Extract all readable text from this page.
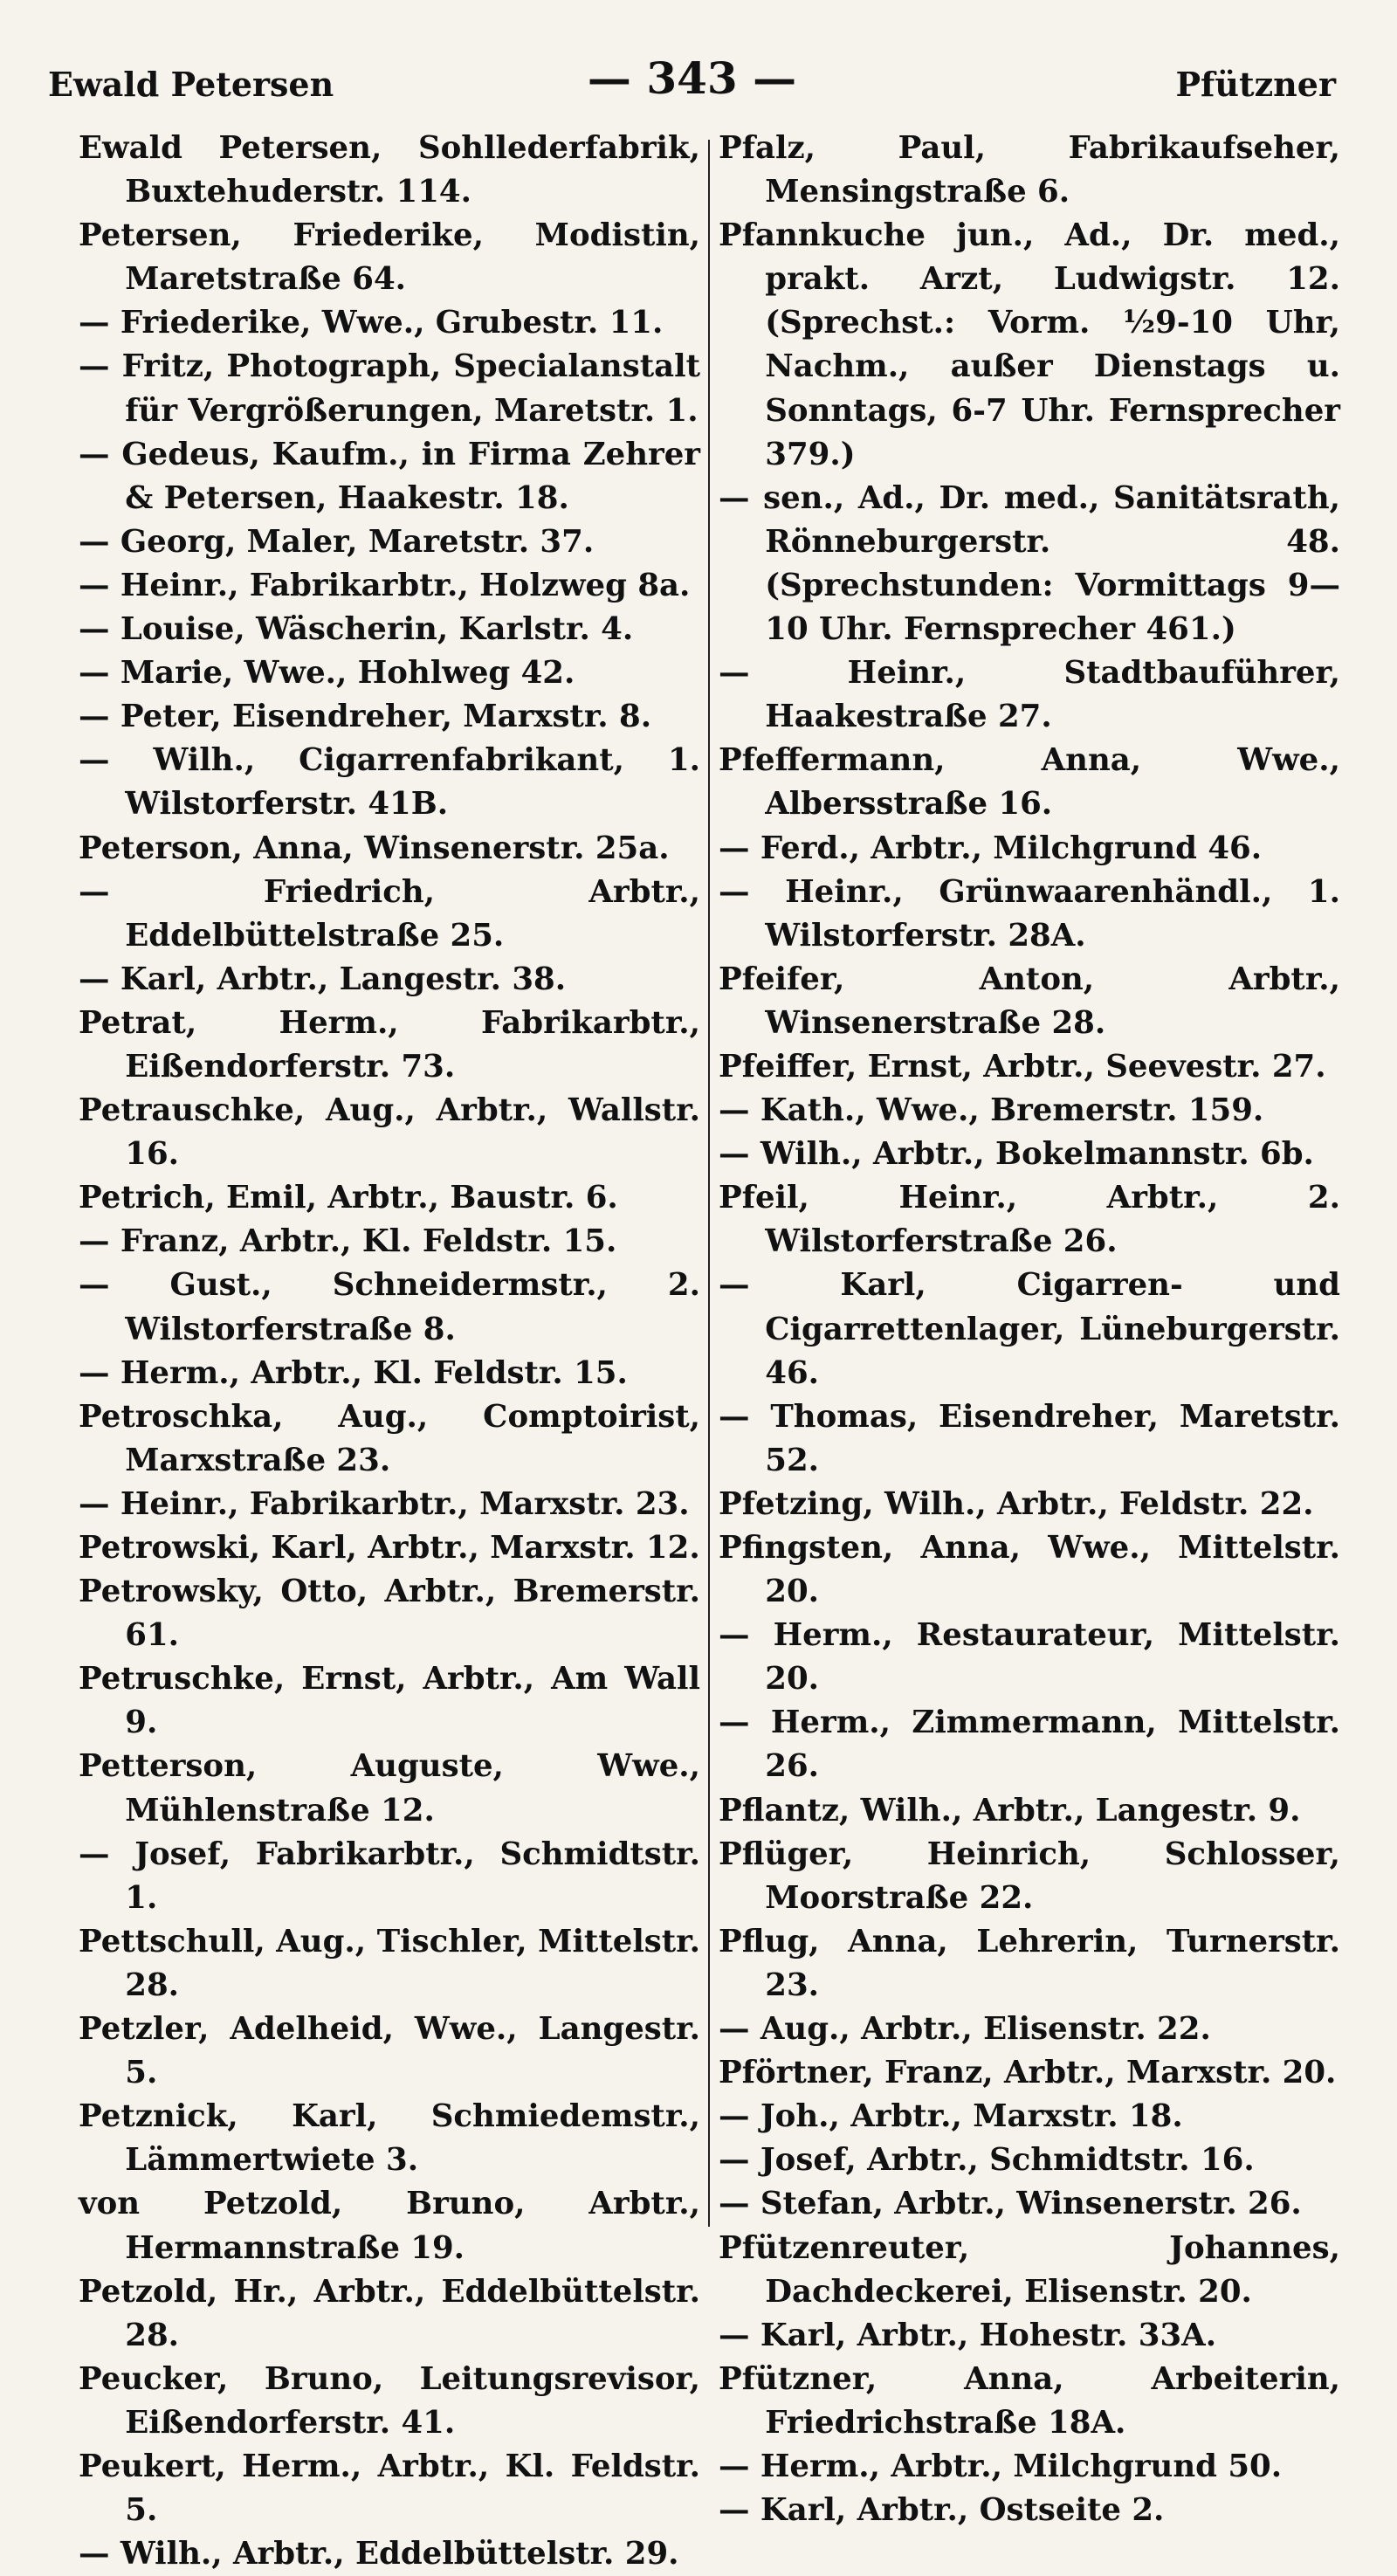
Ewald Petersen	— 343 —	Pfützner

Ewald Petersen, Sohllederfabrik, Buxtehuderstr. 114.

Petersen, Friederike, Modistin, Maretstraße 64.

— Friederike, Wwe., Grubestr. 11.

— Fritz, Photograph, Specialanstalt für Vergrößerungen, Maretstr. 1.

— Gedeus, Kaufm., in Firma Zehrer & Petersen, Haakestr. 18.

— Georg, Maler, Maretstr. 37.

— Heinr., Fabrikarbtr., Holzweg 8a.

— Louise, Wäscherin, Karlstr. 4.

— Marie, Wwe., Hohlweg 42.

— Peter, Eisendreher, Marxstr. 8.

— Wilh., Cigarrenfabrikant, 1. Wilstorferstr. 41B.

Peterson, Anna, Winsenerstr. 25a.

— Friedrich, Arbtr., Eddelbüttelstraße 25.

— Karl, Arbtr., Langestr. 38.

Petrat, Herm., Fabrikarbtr., Eißendorferstr. 73.

Petrauschke, Aug., Arbtr., Wallstr. 16.

Petrich, Emil, Arbtr., Baustr. 6.

— Franz, Arbtr., Kl. Feldstr. 15.

— Gust., Schneidermstr., 2. Wilstorferstraße 8.

— Herm., Arbtr., Kl. Feldstr. 15.

Petroschka, Aug., Comptoirist, Marxstraße 23.

— Heinr., Fabrikarbtr., Marxstr. 23.

Petrowski, Karl, Arbtr., Marxstr. 12.

Petrowsky, Otto, Arbtr., Bremerstr. 61.

Petruschke, Ernst, Arbtr., Am Wall 9.

Petterson, Auguste, Wwe., Mühlenstraße 12.

— Josef, Fabrikarbtr., Schmidtstr. 1.

Pettschull, Aug., Tischler, Mittelstr. 28.

Petzler, Adelheid, Wwe., Langestr. 5.

Petznick, Karl, Schmiedemstr., Lämmertwiete 3.

von Petzold, Bruno, Arbtr., Hermannstraße 19.

Petzold, Hr., Arbtr., Eddelbüttelstr. 28.

Peucker, Bruno, Leitungsrevisor, Eißendorferstr. 41.

Peukert, Herm., Arbtr., Kl. Feldstr. 5.

— Wilh., Arbtr., Eddelbüttelstr. 29.

Pfalz, Paul, Fabrikaufseher, Mensingstraße 6.

Pfannkuche jun., Ad., Dr. med., prakt. Arzt, Ludwigstr. 12. (Sprechst.: Vorm. ½9-10 Uhr, Nachm., außer Dienstags u. Sonntags, 6-7 Uhr. Fernsprecher 379.)

— sen., Ad., Dr. med., Sanitätsrath, Rönneburgerstr. 48. (Sprechstunden: Vormittags 9—10 Uhr. Fernsprecher 461.)

— Heinr., Stadtbauführer, Haakestraße 27.

Pfeffermann, Anna, Wwe., Albersstraße 16.

— Ferd., Arbtr., Milchgrund 46.

— Heinr., Grünwaarenhändl., 1. Wilstorferstr. 28A.

Pfeifer, Anton, Arbtr., Winsenerstraße 28.

Pfeiffer, Ernst, Arbtr., Seevestr. 27.

— Kath., Wwe., Bremerstr. 159.

— Wilh., Arbtr., Bokelmannstr. 6b.

Pfeil, Heinr., Arbtr., 2. Wilstorferstraße 26.

— Karl, Cigarren- und Cigarrettenlager, Lüneburgerstr. 46.

— Thomas, Eisendreher, Maretstr. 52.

Pfetzing, Wilh., Arbtr., Feldstr. 22.

Pfingsten, Anna, Wwe., Mittelstr. 20.

— Herm., Restaurateur, Mittelstr. 20.

— Herm., Zimmermann, Mittelstr. 26.

Pflantz, Wilh., Arbtr., Langestr. 9.

Pflüger, Heinrich, Schlosser, Moorstraße 22.

Pflug, Anna, Lehrerin, Turnerstr. 23.

— Aug., Arbtr., Elisenstr. 22.

Pförtner, Franz, Arbtr., Marxstr. 20.

— Joh., Arbtr., Marxstr. 18.

— Josef, Arbtr., Schmidtstr. 16.

— Stefan, Arbtr., Winsenerstr. 26.

Pfützenreuter, Johannes, Dachdeckerei, Elisenstr. 20.

— Karl, Arbtr., Hohestr. 33A.

Pfützner, Anna, Arbeiterin, Friedrichstraße 18A.

— Herm., Arbtr., Milchgrund 50.

— Karl, Arbtr., Ostseite 2.
